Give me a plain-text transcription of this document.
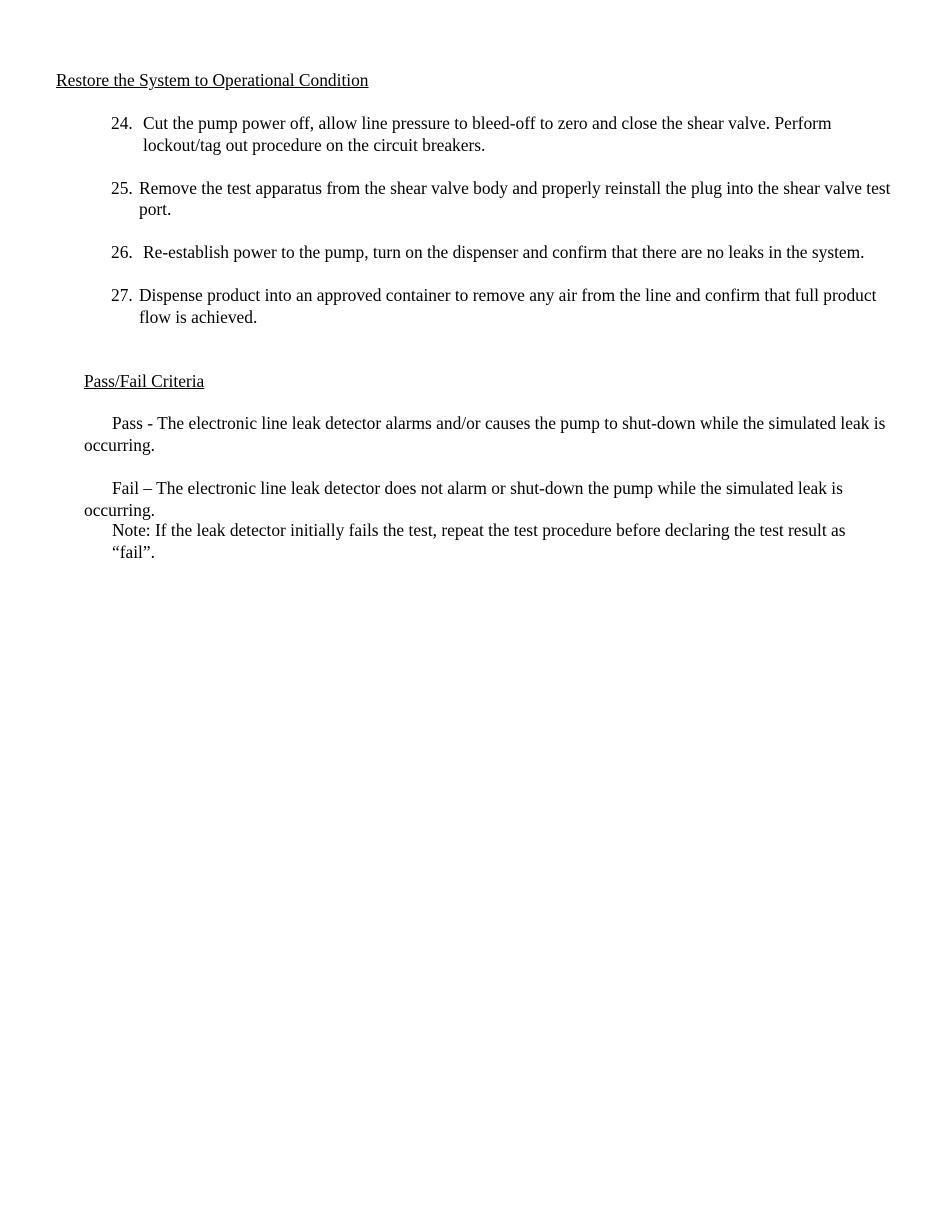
Restore the System to Operational Condition
24. Cut the pump power off, allow line pressure to bleed-off to zero and close the shear valve. Perform lockout/tag out procedure on the circuit breakers.
25. Remove the test apparatus from the shear valve body and properly reinstall the plug into the shear valve test port.
26. Re-establish power to the pump, turn on the dispenser and confirm that there are no leaks in the system.
27. Dispense product into an approved container to remove any air from the line and confirm that full product flow is achieved.
Pass/Fail Criteria

Pass - The electronic line leak detector alarms and/or causes the pump to shut-down while the simulated leak is occurring.

Fail – The electronic line leak detector does not alarm or shut-down the pump while the simulated leak is occurring.

Note: If the leak detector initially fails the test, repeat the test procedure before declaring the test result as “fail”.
